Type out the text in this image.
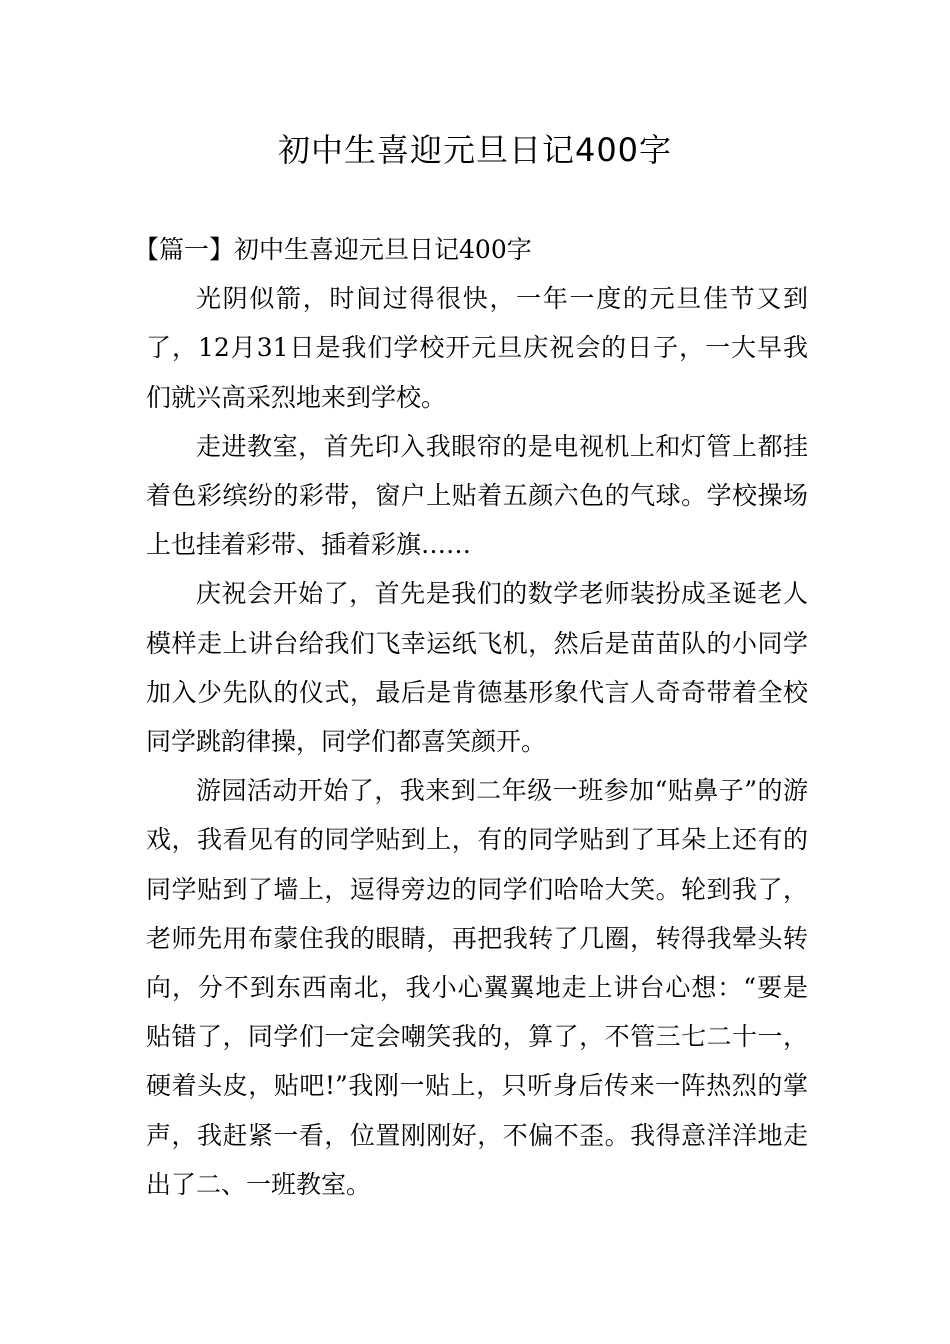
初中生喜迎元旦日记400字

【篇一】初中生喜迎元旦日记400字

光阴似箭，时间过得很快，一年一度的元旦佳节又到了，12月31日是我们学校开元旦庆祝会的日子，一大早我们就兴高采烈地来到学校。

走进教室，首先印入我眼帘的是电视机上和灯管上都挂着色彩缤纷的彩带，窗户上贴着五颜六色的气球。学校操场上也挂着彩带、插着彩旗……

庆祝会开始了，首先是我们的数学老师装扮成圣诞老人模样走上讲台给我们飞幸运纸飞机，然后是苗苗队的小同学加入少先队的仪式，最后是肯德基形象代言人奇奇带着全校同学跳韵律操，同学们都喜笑颜开。

游园活动开始了，我来到二年级一班参加“贴鼻子”的游戏，我看见有的同学贴到上，有的同学贴到了耳朵上还有的同学贴到了墙上，逗得旁边的同学们哈哈大笑。轮到我了，老师先用布蒙住我的眼睛，再把我转了几圈，转得我晕头转向，分不到东西南北，我小心翼翼地走上讲台心想：“要是贴错了，同学们一定会嘲笑我的，算了，不管三七二十一，硬着头皮，贴吧!”我刚一贴上，只听身后传来一阵热烈的掌声，我赶紧一看，位置刚刚好，不偏不歪。我得意洋洋地走出了二、一班教室。
